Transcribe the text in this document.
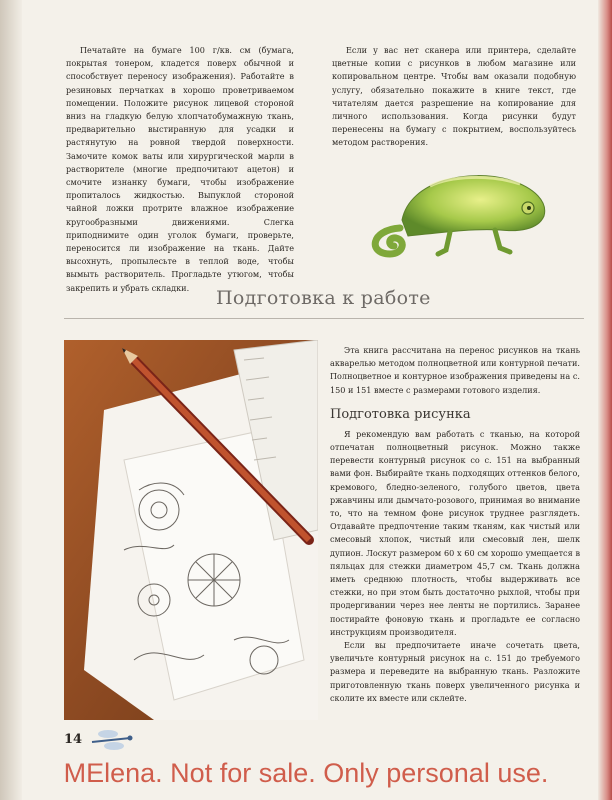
Печатайте на бумаге 100 г/кв. см (бумага, покрытая тонером, кладется поверх обычной и способствует переносу изображения). Работайте в резиновых перчатках в хорошо проветриваемом помещении. Положите рисунок лицевой стороной вниз на гладкую белую хлопчатобумажную ткань, предварительно выстиранную для усадки и растянутую на ровной твердой поверхности. Замочите комок ваты или хирургической марли в растворителе (многие предпочитают ацетон) и смочите изнанку бумаги, чтобы изображение пропиталось жидкостью. Выпуклой стороной чайной ложки протрите влажное изображение кругообразными движениями. Слегка приподнимите один уголок бумаги, проверьте, переносится ли изображение на ткань. Дайте высохнуть, пропылесьте в теплой воде, чтобы вымыть растворитель. Прогладьте утюгом, чтобы закрепить и убрать складки.

Если у вас нет сканера или принтера, сделайте цветные копии с рисунков в любом магазине или копировальном центре. Чтобы вам оказали подобную услугу, обязательно покажите в книге текст, где читателям дается разрешение на копирование для личного использования. Когда рисунки будут перенесены на бумагу с покрытием, воспользуйтесь методом растворения.

Подготовка к работе

Эта книга рассчитана на перенос рисунков на ткань акварелью методом полноцветной или контурной печати. Полноцветное и контурное изображения приведены на с. 150 и 151 вместе с размерами готового изделия.

Подготовка рисунка

Я рекомендую вам работать с тканью, на которой отпечатан полноцветный рисунок. Можно также перевести контурный рисунок со с. 151 на выбранный вами фон. Выбирайте ткань подходящих оттенков белого, кремового, бледно-зеленого, голубого цветов, цвета ржавчины или дымчато-розового, принимая во внимание то, что на темном фоне рисунок труднее разглядеть. Отдавайте предпочтение таким тканям, как чистый или смесовый хлопок, чистый или смесовый лен, шелк дупион. Лоскут размером 60 х 60 см хорошо умещается в пяльцах для стежки диаметром 45,7 см. Ткань должна иметь среднюю плотность, чтобы выдерживать все стежки, но при этом быть достаточно рыхлой, чтобы при продергивании через нее ленты не портились. Заранее постирайте фоновую ткань и прогладьте ее согласно инструкциям производителя.

Если вы предпочитаете иначе сочетать цвета, увеличьте контурный рисунок на с. 151 до требуемого размера и переведите на выбранную ткань. Разложите приготовленную ткань поверх увеличенного рисунка и сколите их вместе или склейте.

14
MElena. Not for sale. Only personal use.
